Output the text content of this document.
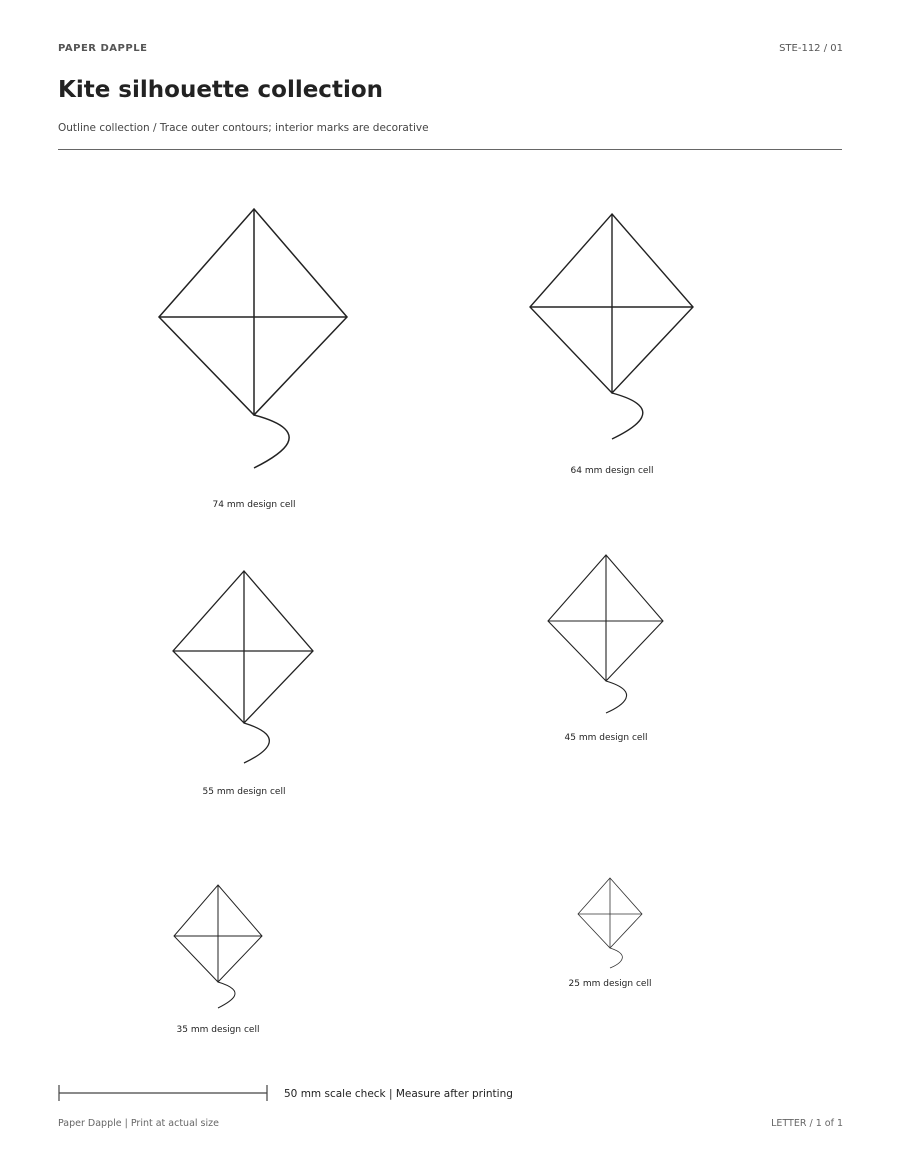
PAPER DAPPLE	STE-112 / 01
Kite silhouette collection
Outline collection / Trace outer contours; interior marks are decorative
74 mm design cell
64 mm design cell
55 mm design cell
45 mm design cell
35 mm design cell
25 mm design cell
50 mm scale check | Measure after printing
Paper Dapple | Print at actual size	LETTER / 1 of 1
